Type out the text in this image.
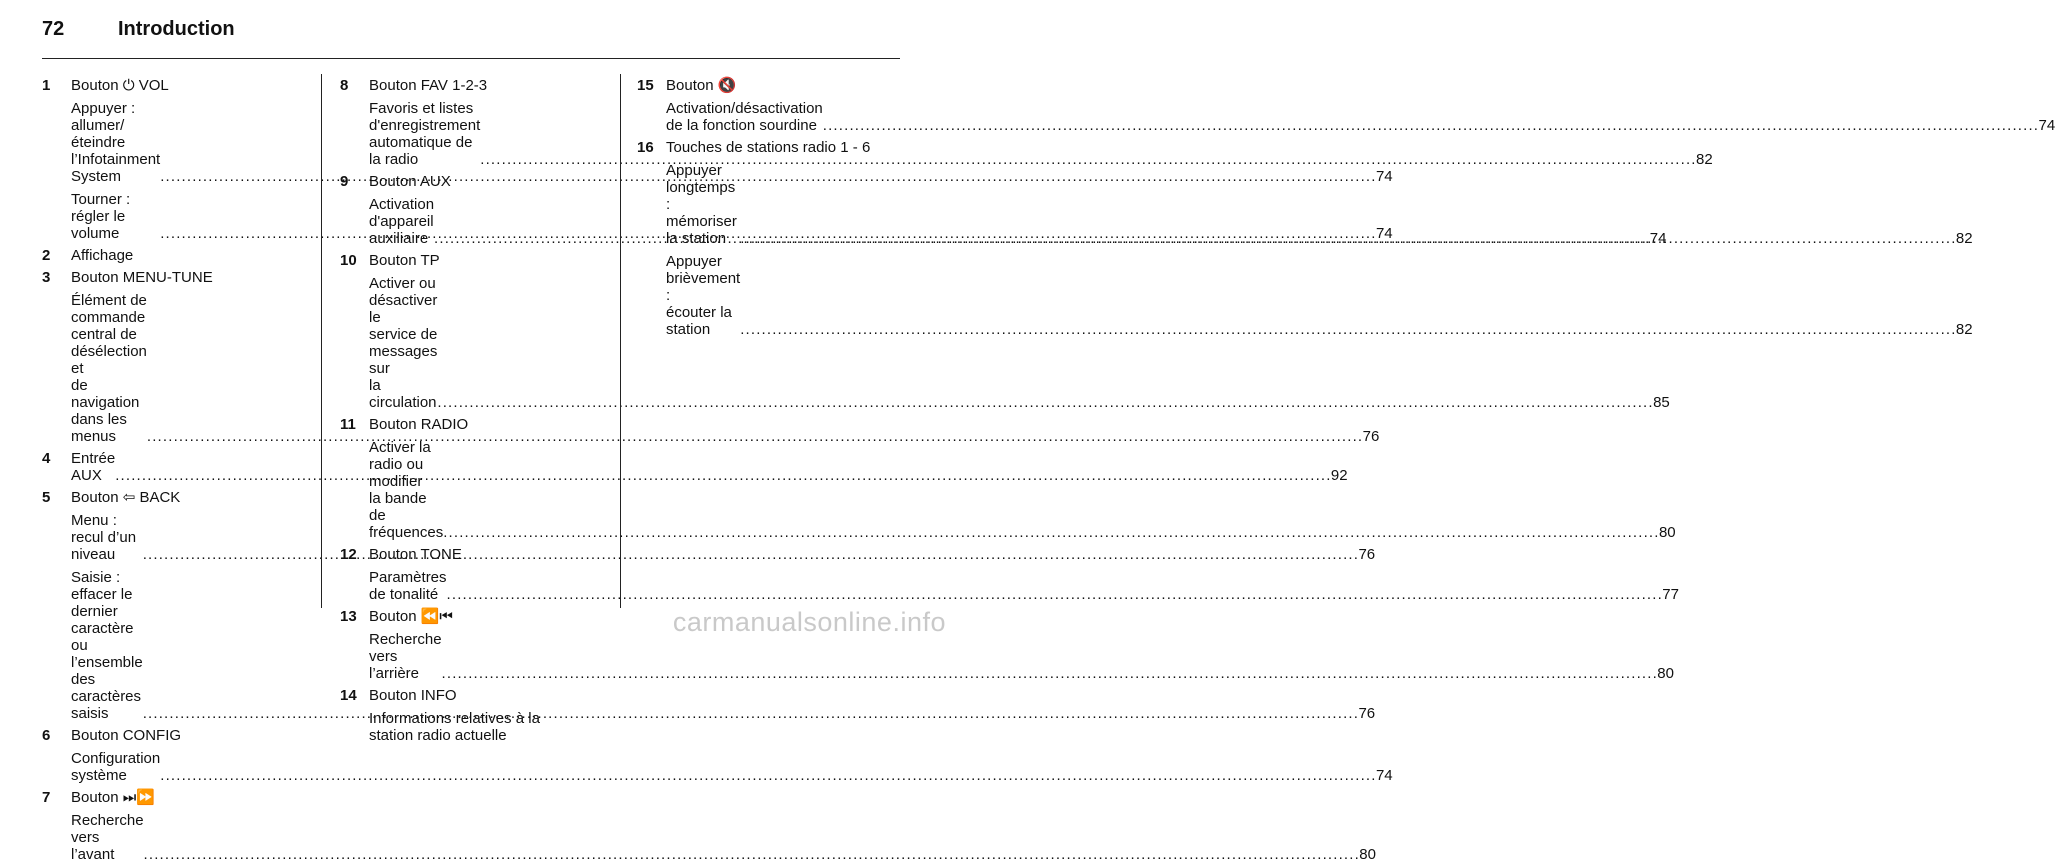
72	Introduction
1	Bouton ⏻ VOL
Appuyer : allumer/éteindre
l’Infotainment System . . .	74
Tourner : régler le volume . . .	74
2	Affichage
3	Bouton MENU-TUNE
Élément de commande
central de désélection et
de navigation dans les
menus . . .	76
4	Entrée AUX . . .	92
5	Bouton ⇦ BACK
Menu : recul d’un niveau . . .	76
Saisie : effacer le dernier
caractère ou l’ensemble
des caractères saisis . . .	76
6	Bouton CONFIG
Configuration système . . .	74
7	Bouton ⏭⏩
Recherche vers l’avant . . .	80
8	Bouton FAV 1-2-3
Favoris et listes
d'enregistrement
automatique de la radio . . .	82
9	Bouton AUX
Activation d'appareil
auxiliaire . . .	74
10 Bouton TP
Activer ou désactiver le
service de messages sur
la circulation . . .	85
11 Bouton RADIO
Activer la radio ou modifier
la bande de fréquences . . .	80
12 Bouton TONE
Paramètres de tonalité . . .	77
13 Bouton ⏪⏮
Recherche vers l’arrière . . .	80
14 Bouton INFO
Informations relatives à la
station radio actuelle
15 Bouton 🔇
Activation/désactivation
de la fonction sourdine . . .	74
16 Touches de stations radio 1 - 6
Appuyer longtemps :
mémoriser la station . . .	82
Appuyer brièvement :
écouter la station . . .	82
carmanualsonline.info
